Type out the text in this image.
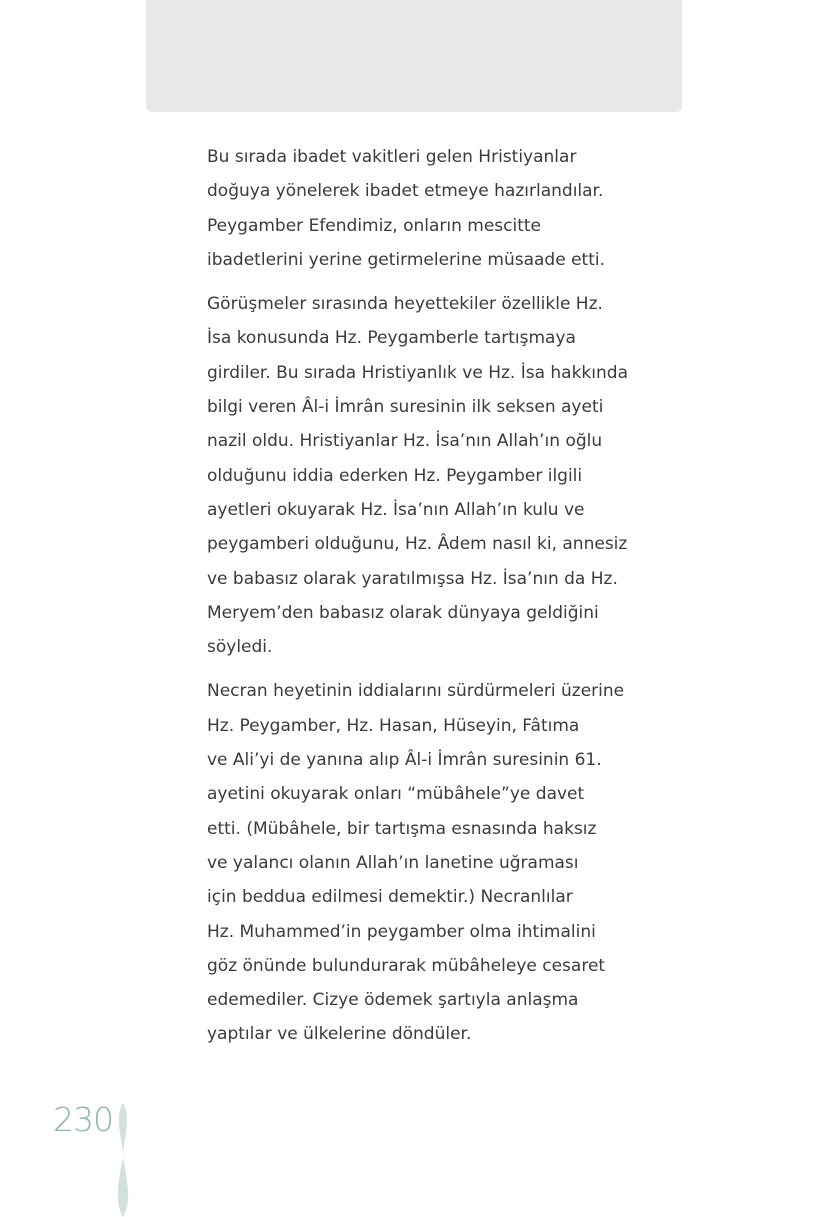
Bu sırada ibadet vakitleri gelen Hristiyanlar
doğuya yönelerek ibadet etmeye hazırlandılar.
Peygamber Efendimiz, onların mescitte
ibadetlerini yerine getirmelerine müsaade etti.

Görüşmeler sırasında heyettekiler özellikle Hz.
İsa konusunda Hz. Peygamberle tartışmaya
girdiler. Bu sırada Hristiyanlık ve Hz. İsa hakkında
bilgi veren Âl-i İmrân suresinin ilk seksen ayeti
nazil oldu. Hristiyanlar Hz. İsa’nın Allah’ın oğlu
olduğunu iddia ederken Hz. Peygamber ilgili
ayetleri okuyarak Hz. İsa’nın Allah’ın kulu ve
peygamberi olduğunu, Hz. Âdem nasıl ki, annesiz
ve babasız olarak yaratılmışsa Hz. İsa’nın da Hz.
Meryem’den babasız olarak dünyaya geldiğini
söyledi.

Necran heyetinin iddialarını sürdürmeleri üzerine
Hz. Peygamber, Hz. Hasan, Hüseyin, Fâtıma
ve Ali’yi de yanına alıp Âl-i İmrân suresinin 61.
ayetini okuyarak onları “mübâhele”ye davet
etti. (Mübâhele, bir tartışma esnasında haksız
ve yalancı olanın Allah’ın lanetine uğraması
için beddua edilmesi demektir.) Necranlılar
Hz. Muhammed’in peygamber olma ihtimalini
göz önünde bulundurarak mübâheleye cesaret
edemediler. Cizye ödemek şartıyla anlaşma
yaptılar ve ülkelerine döndüler.

230
